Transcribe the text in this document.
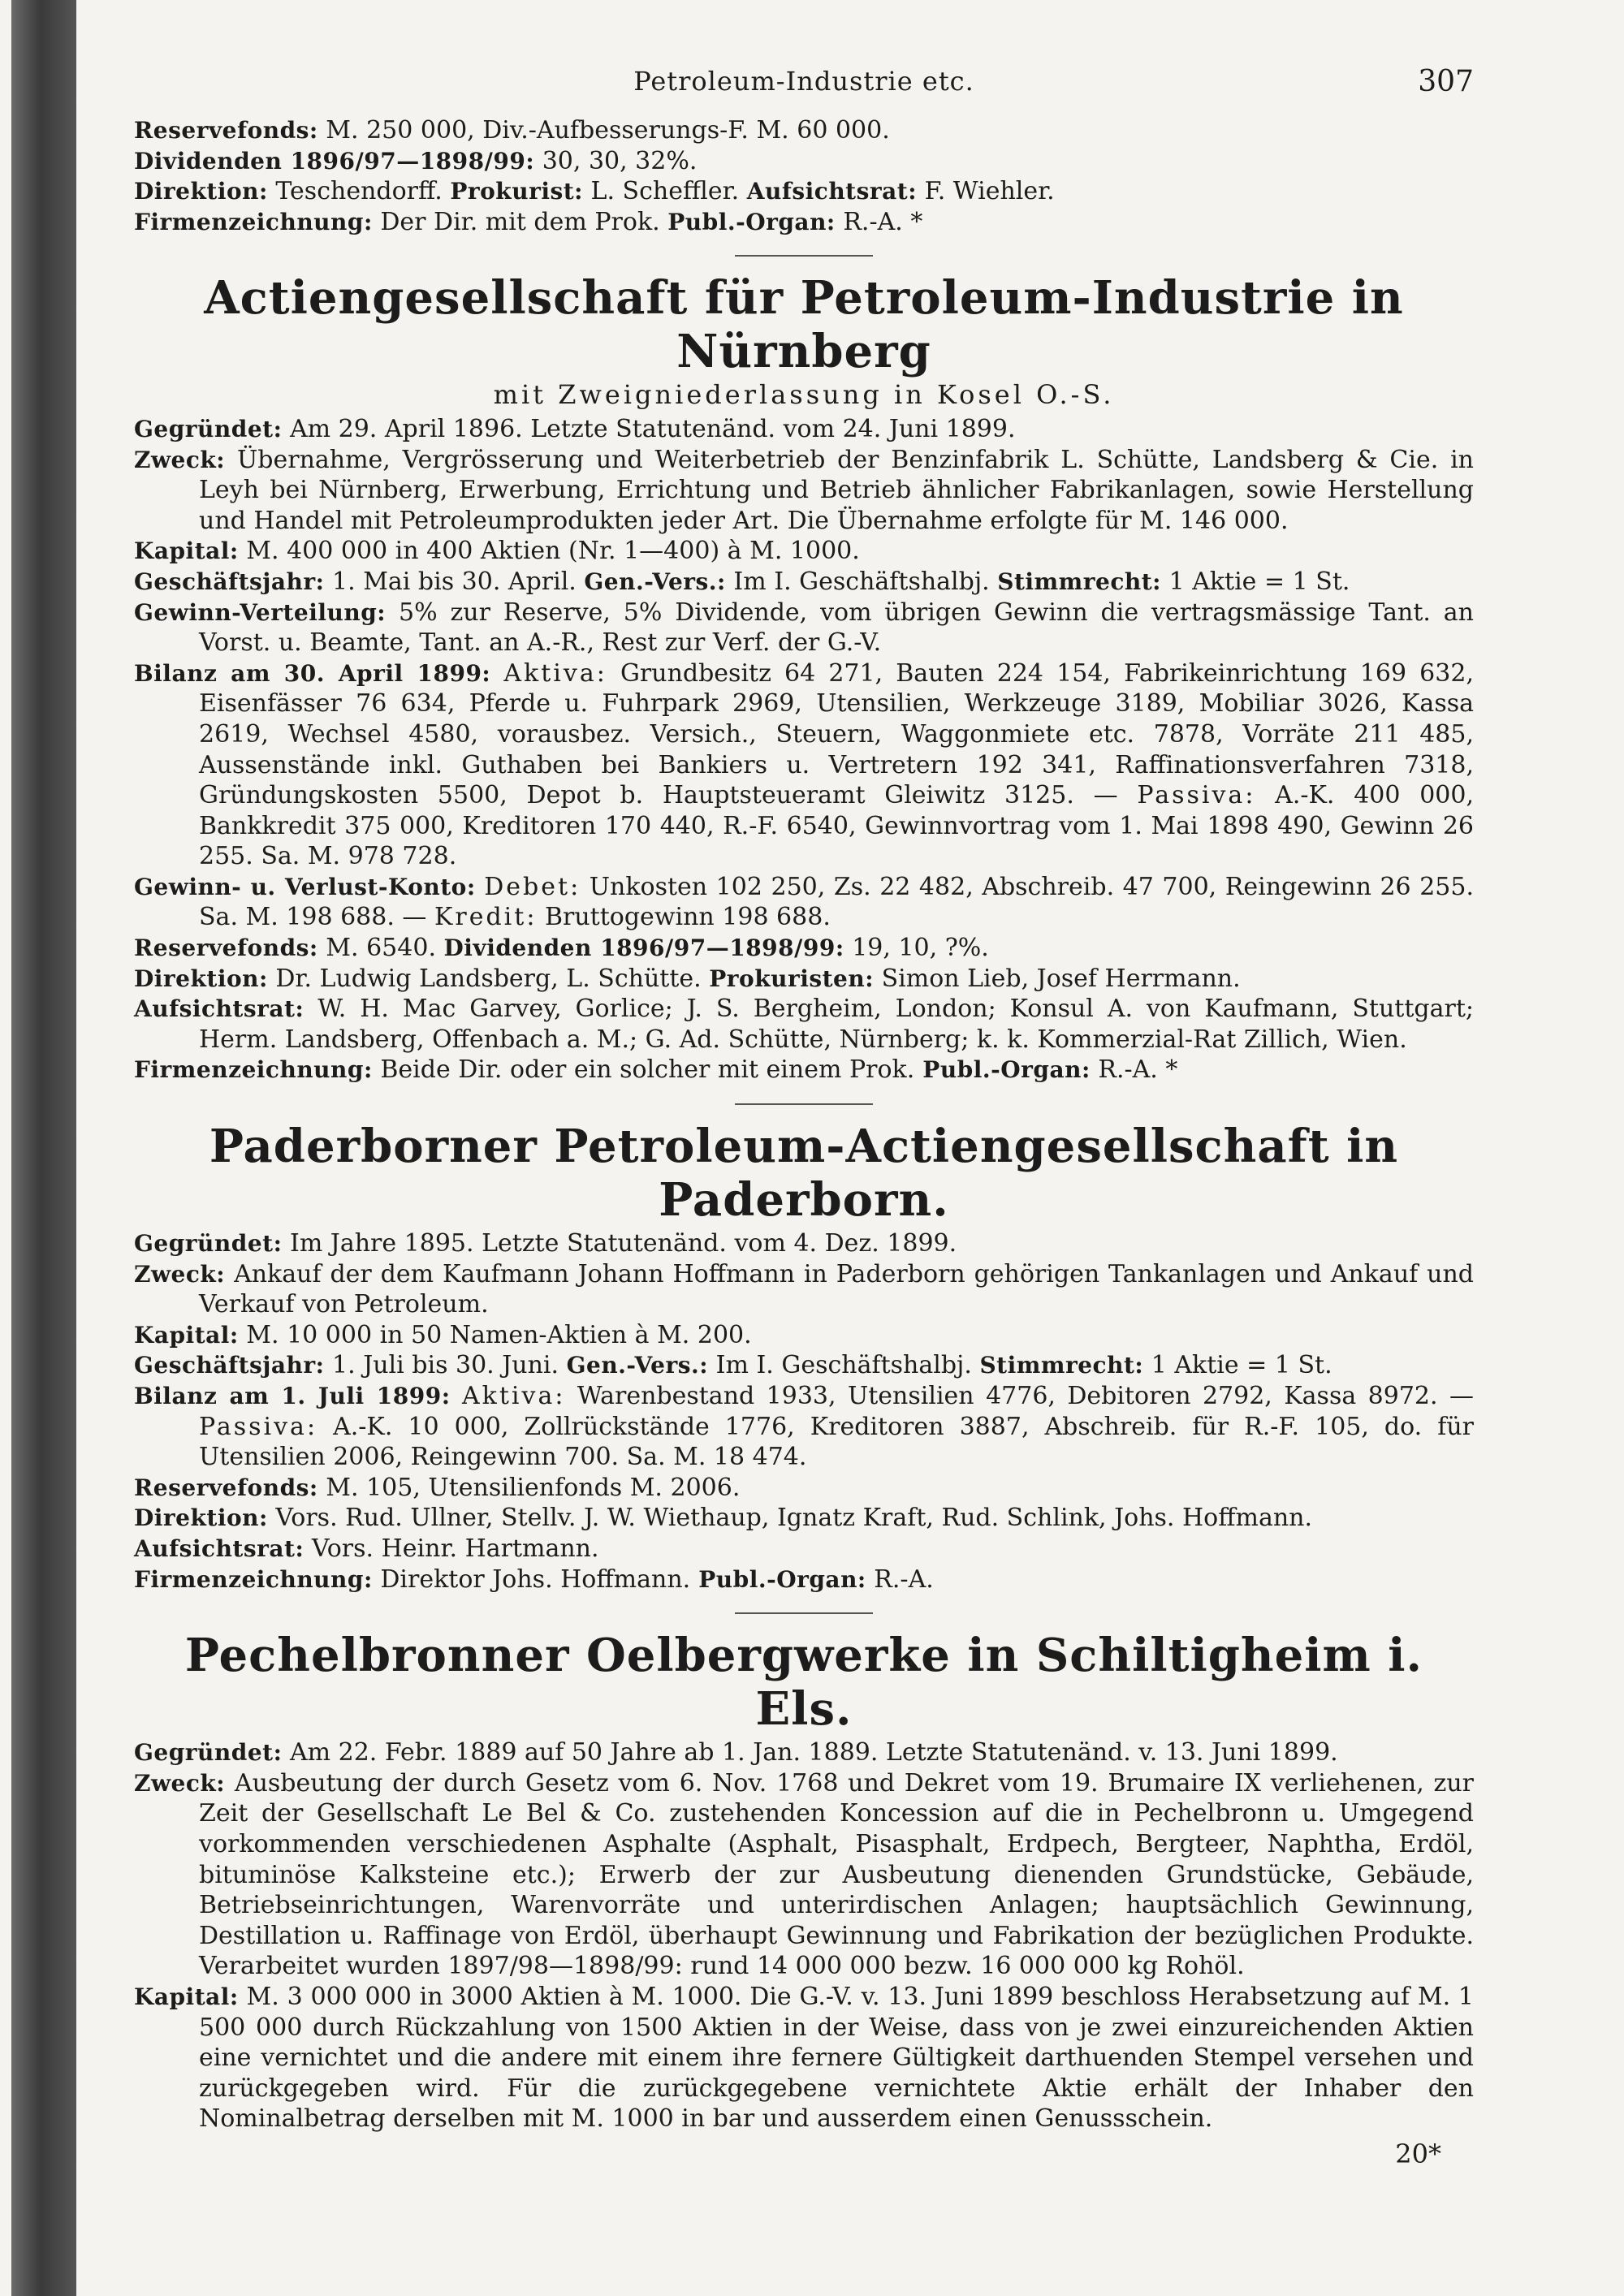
Petroleum-Industrie etc.	307

Reservefonds: M. 250 000, Div.-Aufbesserungs-F. M. 60 000.

Dividenden 1896/97—1898/99: 30, 30, 32%.

Direktion: Teschendorff. Prokurist: L. Scheffler. Aufsichtsrat: F. Wiehler.

Firmenzeichnung: Der Dir. mit dem Prok. Publ.-Organ: R.-A. *

Actiengesellschaft für Petroleum-Industrie in Nürnberg
mit Zweigniederlassung in Kosel O.-S.

Gegründet: Am 29. April 1896. Letzte Statutenänd. vom 24. Juni 1899.

Zweck: Übernahme, Vergrösserung und Weiterbetrieb der Benzinfabrik L. Schütte, Landsberg & Cie. in Leyh bei Nürnberg, Erwerbung, Errichtung und Betrieb ähnlicher Fabrikanlagen, sowie Herstellung und Handel mit Petroleumprodukten jeder Art. Die Übernahme erfolgte für M. 146 000.

Kapital: M. 400 000 in 400 Aktien (Nr. 1—400) à M. 1000.

Geschäftsjahr: 1. Mai bis 30. April. Gen.-Vers.: Im I. Geschäftshalbj. Stimmrecht: 1 Aktie = 1 St.

Gewinn-Verteilung: 5% zur Reserve, 5% Dividende, vom übrigen Gewinn die vertragsmässige Tant. an Vorst. u. Beamte, Tant. an A.-R., Rest zur Verf. der G.-V.

Bilanz am 30. April 1899: Aktiva: Grundbesitz 64 271, Bauten 224 154, Fabrikeinrichtung 169 632, Eisenfässer 76 634, Pferde u. Fuhrpark 2969, Utensilien, Werkzeuge 3189, Mobiliar 3026, Kassa 2619, Wechsel 4580, vorausbez. Versich., Steuern, Waggonmiete etc. 7878, Vorräte 211 485, Aussenstände inkl. Guthaben bei Bankiers u. Vertretern 192 341, Raffinationsverfahren 7318, Gründungskosten 5500, Depot b. Hauptsteueramt Gleiwitz 3125. — Passiva: A.-K. 400 000, Bankkredit 375 000, Kreditoren 170 440, R.-F. 6540, Gewinnvortrag vom 1. Mai 1898 490, Gewinn 26 255. Sa. M. 978 728.

Gewinn- u. Verlust-Konto: Debet: Unkosten 102 250, Zs. 22 482, Abschreib. 47 700, Reingewinn 26 255. Sa. M. 198 688. — Kredit: Bruttogewinn 198 688.

Reservefonds: M. 6540. Dividenden 1896/97—1898/99: 19, 10, ?%.

Direktion: Dr. Ludwig Landsberg, L. Schütte. Prokuristen: Simon Lieb, Josef Herrmann.

Aufsichtsrat: W. H. Mac Garvey, Gorlice; J. S. Bergheim, London; Konsul A. von Kaufmann, Stuttgart; Herm. Landsberg, Offenbach a. M.; G. Ad. Schütte, Nürnberg; k. k. Kommerzial-Rat Zillich, Wien.

Firmenzeichnung: Beide Dir. oder ein solcher mit einem Prok. Publ.-Organ: R.-A. *

Paderborner Petroleum-Actiengesellschaft in Paderborn.

Gegründet: Im Jahre 1895. Letzte Statutenänd. vom 4. Dez. 1899.

Zweck: Ankauf der dem Kaufmann Johann Hoffmann in Paderborn gehörigen Tankanlagen und Ankauf und Verkauf von Petroleum.

Kapital: M. 10 000 in 50 Namen-Aktien à M. 200.

Geschäftsjahr: 1. Juli bis 30. Juni. Gen.-Vers.: Im I. Geschäftshalbj. Stimmrecht: 1 Aktie = 1 St.

Bilanz am 1. Juli 1899: Aktiva: Warenbestand 1933, Utensilien 4776, Debitoren 2792, Kassa 8972. — Passiva: A.-K. 10 000, Zollrückstände 1776, Kreditoren 3887, Abschreib. für R.-F. 105, do. für Utensilien 2006, Reingewinn 700. Sa. M. 18 474.

Reservefonds: M. 105, Utensilienfonds M. 2006.

Direktion: Vors. Rud. Ullner, Stellv. J. W. Wiethaup, Ignatz Kraft, Rud. Schlink, Johs. Hoffmann.

Aufsichtsrat: Vors. Heinr. Hartmann.

Firmenzeichnung: Direktor Johs. Hoffmann. Publ.-Organ: R.-A.

Pechelbronner Oelbergwerke in Schiltigheim i. Els.

Gegründet: Am 22. Febr. 1889 auf 50 Jahre ab 1. Jan. 1889. Letzte Statutenänd. v. 13. Juni 1899.

Zweck: Ausbeutung der durch Gesetz vom 6. Nov. 1768 und Dekret vom 19. Brumaire IX verliehenen, zur Zeit der Gesellschaft Le Bel & Co. zustehenden Koncession auf die in Pechelbronn u. Umgegend vorkommenden verschiedenen Asphalte (Asphalt, Pisasphalt, Erdpech, Bergteer, Naphtha, Erdöl, bituminöse Kalksteine etc.); Erwerb der zur Ausbeutung dienenden Grundstücke, Gebäude, Betriebseinrichtungen, Warenvorräte und unterirdischen Anlagen; hauptsächlich Gewinnung, Destillation u. Raffinage von Erdöl, überhaupt Gewinnung und Fabrikation der bezüglichen Produkte. Verarbeitet wurden 1897/98—1898/99: rund 14 000 000 bezw. 16 000 000 kg Rohöl.

Kapital: M. 3 000 000 in 3000 Aktien à M. 1000. Die G.-V. v. 13. Juni 1899 beschloss Herabsetzung auf M. 1 500 000 durch Rückzahlung von 1500 Aktien in der Weise, dass von je zwei einzureichenden Aktien eine vernichtet und die andere mit einem ihre fernere Gültigkeit darthuenden Stempel versehen und zurückgegeben wird. Für die zurückgegebene vernichtete Aktie erhält der Inhaber den Nominalbetrag derselben mit M. 1000 in bar und ausserdem einen Genussschein.

20*
